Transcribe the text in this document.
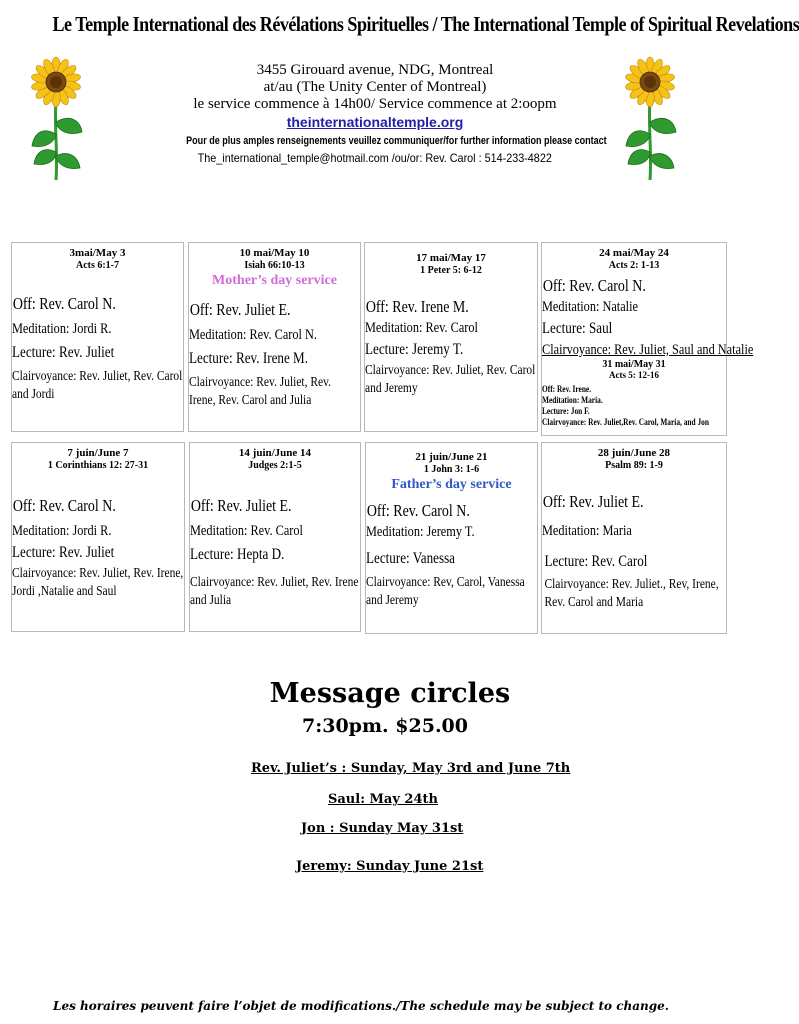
Le Temple International des Révélations Spirituelles / The International Temple of Spiritual Revelations
3455 Girouard avenue, NDG, Montreal
at/au (The Unity Center of Montreal)
le service commence à 14h00/ Service commence at 2:oopm
theinternationaltemple.org
Pour de plus amples renseignements veuillez communiquer/for further information please contact
The_international_temple@hotmail.com /ou/or: Rev. Carol : 514-233-4822
3mai/May 3
Acts 6:1-7
Off: Rev. Carol N.
Meditation: Jordi R.
Lecture: Rev. Juliet
Clairvoyance: Rev. Juliet, Rev. Carol and Jordi
10 mai/May 10
Isiah 66:10-13
Mother’s day service
Off: Rev. Juliet E.
Meditation: Rev. Carol N.
Lecture: Rev. Irene M.
Clairvoyance: Rev. Juliet, Rev. Irene, Rev. Carol and Julia
17 mai/May 17
1 Peter 5: 6-12
Off: Rev. Irene M.
Meditation: Rev. Carol
Lecture: Jeremy T.
Clairvoyance: Rev. Juliet, Rev. Carol and Jeremy
24 mai/May 24
Acts 2: 1-13
Off: Rev. Carol N.
Meditation: Natalie
Lecture: Saul
Clairvoyance: Rev. Juliet, Saul and Natalie
31 mai/May 31
Acts 5: 12-16
Off: Rev. Irene.
Meditation: Maria.
Lecture: Jon F.
Clairvoyance: Rev. Juliet,Rev. Carol, Maria, and Jon
7 juin/June 7
1 Corinthians 12: 27-31
Off: Rev. Carol N.
Meditation: Jordi R.
Lecture: Rev. Juliet
Clairvoyance: Rev. Juliet, Rev. Irene, Jordi ,Natalie and Saul
14 juin/June 14
Judges 2:1-5
Off: Rev. Juliet E.
Meditation: Rev. Carol
Lecture: Hepta D.
Clairvoyance: Rev. Juliet, Rev. Irene and Julia
21 juin/June 21
1 John 3: 1-6
Father’s day service
Off: Rev. Carol N.
Meditation: Jeremy T.
Lecture: Vanessa
Clairvoyance: Rev, Carol, Vanessa and Jeremy
28 juin/June 28
Psalm 89: 1-9
Off: Rev. Juliet E.
Meditation: Maria
Lecture: Rev. Carol
Clairvoyance: Rev. Juliet., Rev, Irene, Rev. Carol and Maria
Message circles
7:30pm. $25.00
Rev. Juliet’s : Sunday, May 3rd and June 7th
Saul: May 24th
Jon : Sunday May 31st
Jeremy: Sunday June 21st
Les horaires peuvent faire l’objet de modifications./The schedule may be subject to change.
